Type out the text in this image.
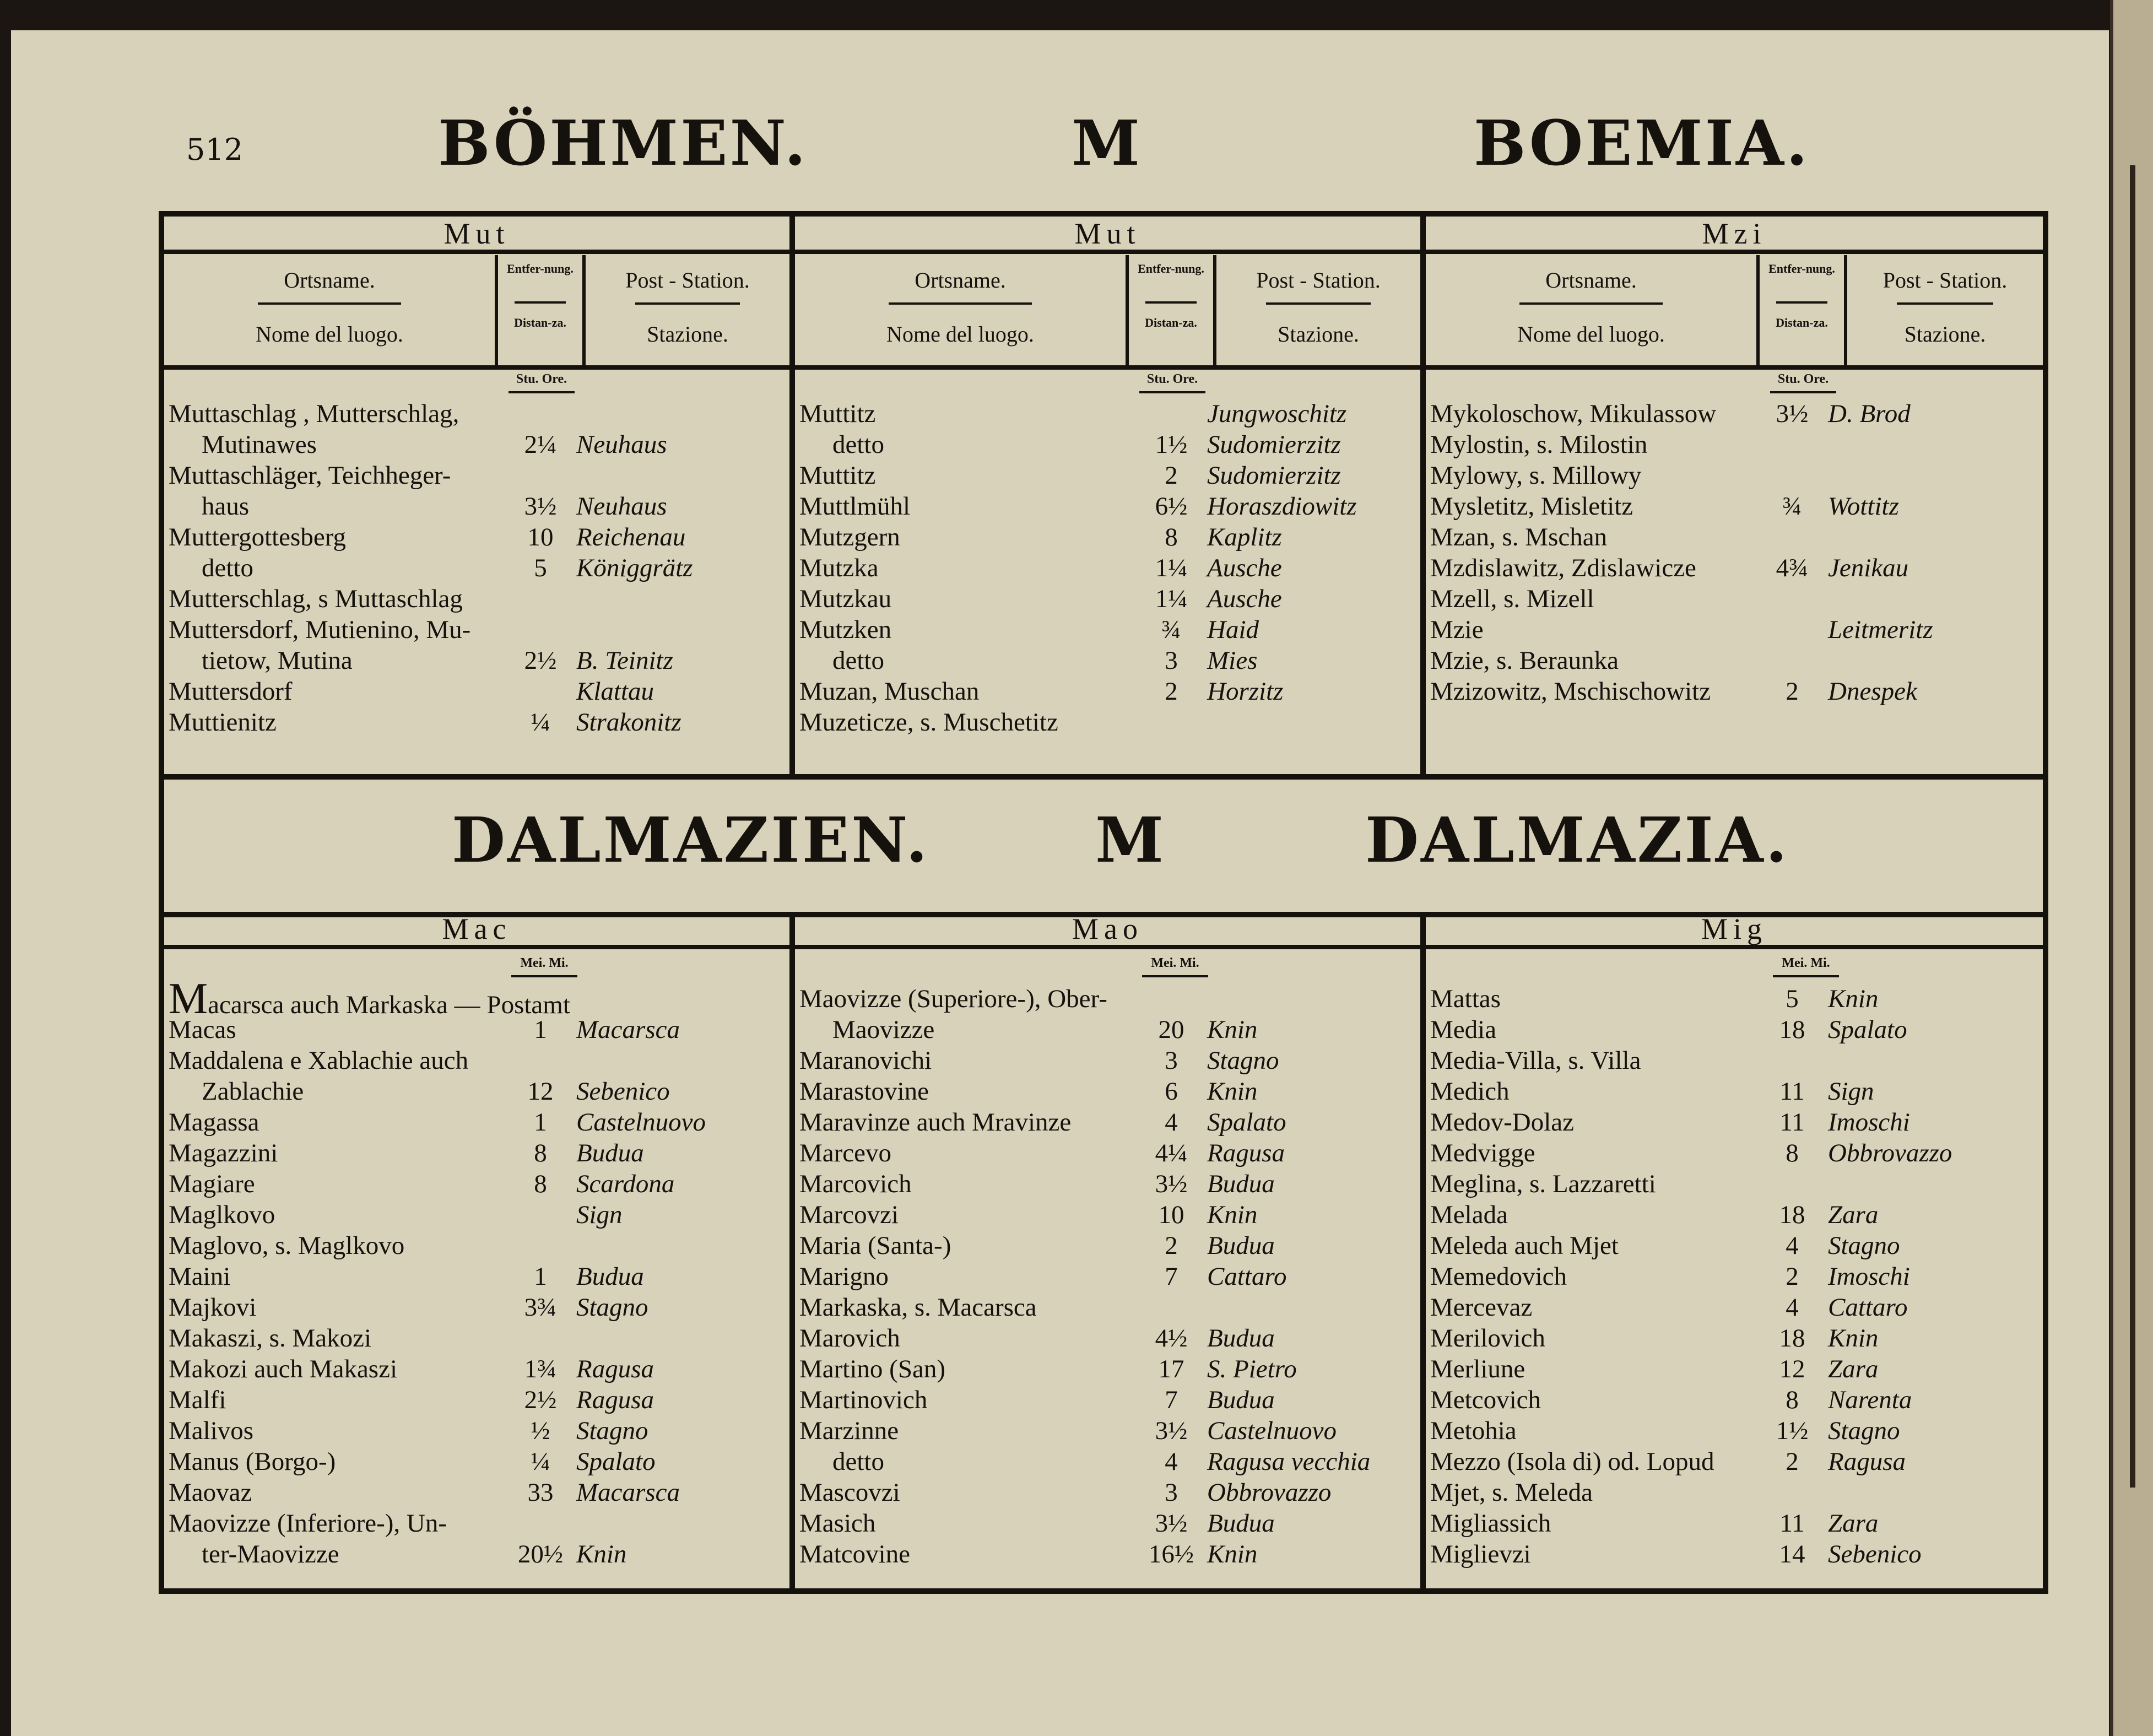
512	BÖHMEN.	M	BOEMIA.
Mut
Ortsname.
Nome del luogo.
Entfer-nung.
Distan-za.
Post - Station.
Stazione.
Stu. Ore.
Muttaschlag , Mutterschlag,
Mutinawes	2¼ Neuhaus
Muttaschläger, Teichheger-
haus	3½ Neuhaus
Muttergottesberg	10 Reichenau
detto	5	Königgrätz
Mutterschlag, s Muttaschlag
Muttersdorf, Mutienino, Mu-
tietow, Mutina	2½ B. Teinitz
Muttersdorf	Klattau
Muttienitz	¼	Strakonitz
Mut
Ortsname.
Nome del luogo.
Entfer-nung.
Distan-za.
Post - Station.
Stazione.
Stu. Ore.
Muttitz	Jungwoschitz
detto	1½ Sudomierzitz
Muttitz	2	Sudomierzitz
Muttlmühl	6½ Horaszdiowitz
Mutzgern	8	Kaplitz
Mutzka	1¼ Ausche
Mutzkau	1¼ Ausche
Mutzken	¾	Haid
detto	3	Mies
Muzan, Muschan	2	Horzitz
Muzeticze, s. Muschetitz
Mzi
Ortsname.
Nome del luogo.
Entfer-nung.
Distan-za.
Post - Station.
Stazione.
Stu. Ore.
Mykoloschow, Mikulassow	3½ D. Brod
Mylostin, s. Milostin
Mylowy, s. Millowy
Mysletitz, Misletitz	¾	Wottitz
Mzan, s. Mschan
Mzdislawitz, Zdislawicze	4¾ Jenikau
Mzell, s. Mizell
Mzie	Leitmeritz
Mzie, s. Beraunka
Mzizowitz, Mschischowitz	2	Dnespek
DALMAZIEN.	M	DALMAZIA.
Mac
Mei. Mi.
Macarsca auch Markaska — Postamt
Macas	1	Macarsca
Maddalena e Xablachie auch
Zablachie	12 Sebenico
Magassa	1	Castelnuovo
Magazzini	8	Budua
Magiare	8	Scardona
Maglkovo	Sign
Maglovo, s. Maglkovo
Maini	1	Budua
Majkovi	3¾ Stagno
Makaszi, s. Makozi
Makozi auch Makaszi	1¾ Ragusa
Malfi	2½ Ragusa
Malivos	½	Stagno
Manus (Borgo-)	¼	Spalato
Maovaz	33 Macarsca
Maovizze (Inferiore-), Un-
ter-Maovizze	20½ Knin
Mao
Mei. Mi.
Maovizze (Superiore-), Ober-
Maovizze	20 Knin
Maranovichi	3	Stagno
Marastovine	6	Knin
Maravinze auch Mravinze	4	Spalato
Marcevo	4¼ Ragusa
Marcovich	3½ Budua
Marcovzi	10 Knin
Maria (Santa-)	2	Budua
Marigno	7	Cattaro
Markaska, s. Macarsca
Marovich	4½ Budua
Martino (San)	17 S. Pietro
Martinovich	7	Budua
Marzinne	3½ Castelnuovo
detto	4	Ragusa vecchia
Mascovzi	3	Obbrovazzo
Masich	3½ Budua
Matcovine	16½ Knin
Mig
Mei. Mi.
Mattas	5	Knin
Media	18 Spalato
Media-Villa, s. Villa
Medich	11 Sign
Medov-Dolaz	11 Imoschi
Medvigge	8	Obbrovazzo
Meglina, s. Lazzaretti
Melada	18 Zara
Meleda auch Mjet	4	Stagno
Memedovich	2	Imoschi
Mercevaz	4	Cattaro
Merilovich	18 Knin
Merliune	12 Zara
Metcovich	8	Narenta
Metohia	1½ Stagno
Mezzo (Isola di) od. Lopud	2	Ragusa
Mjet, s. Meleda
Migliassich	11 Zara
Miglievzi	14 Sebenico
